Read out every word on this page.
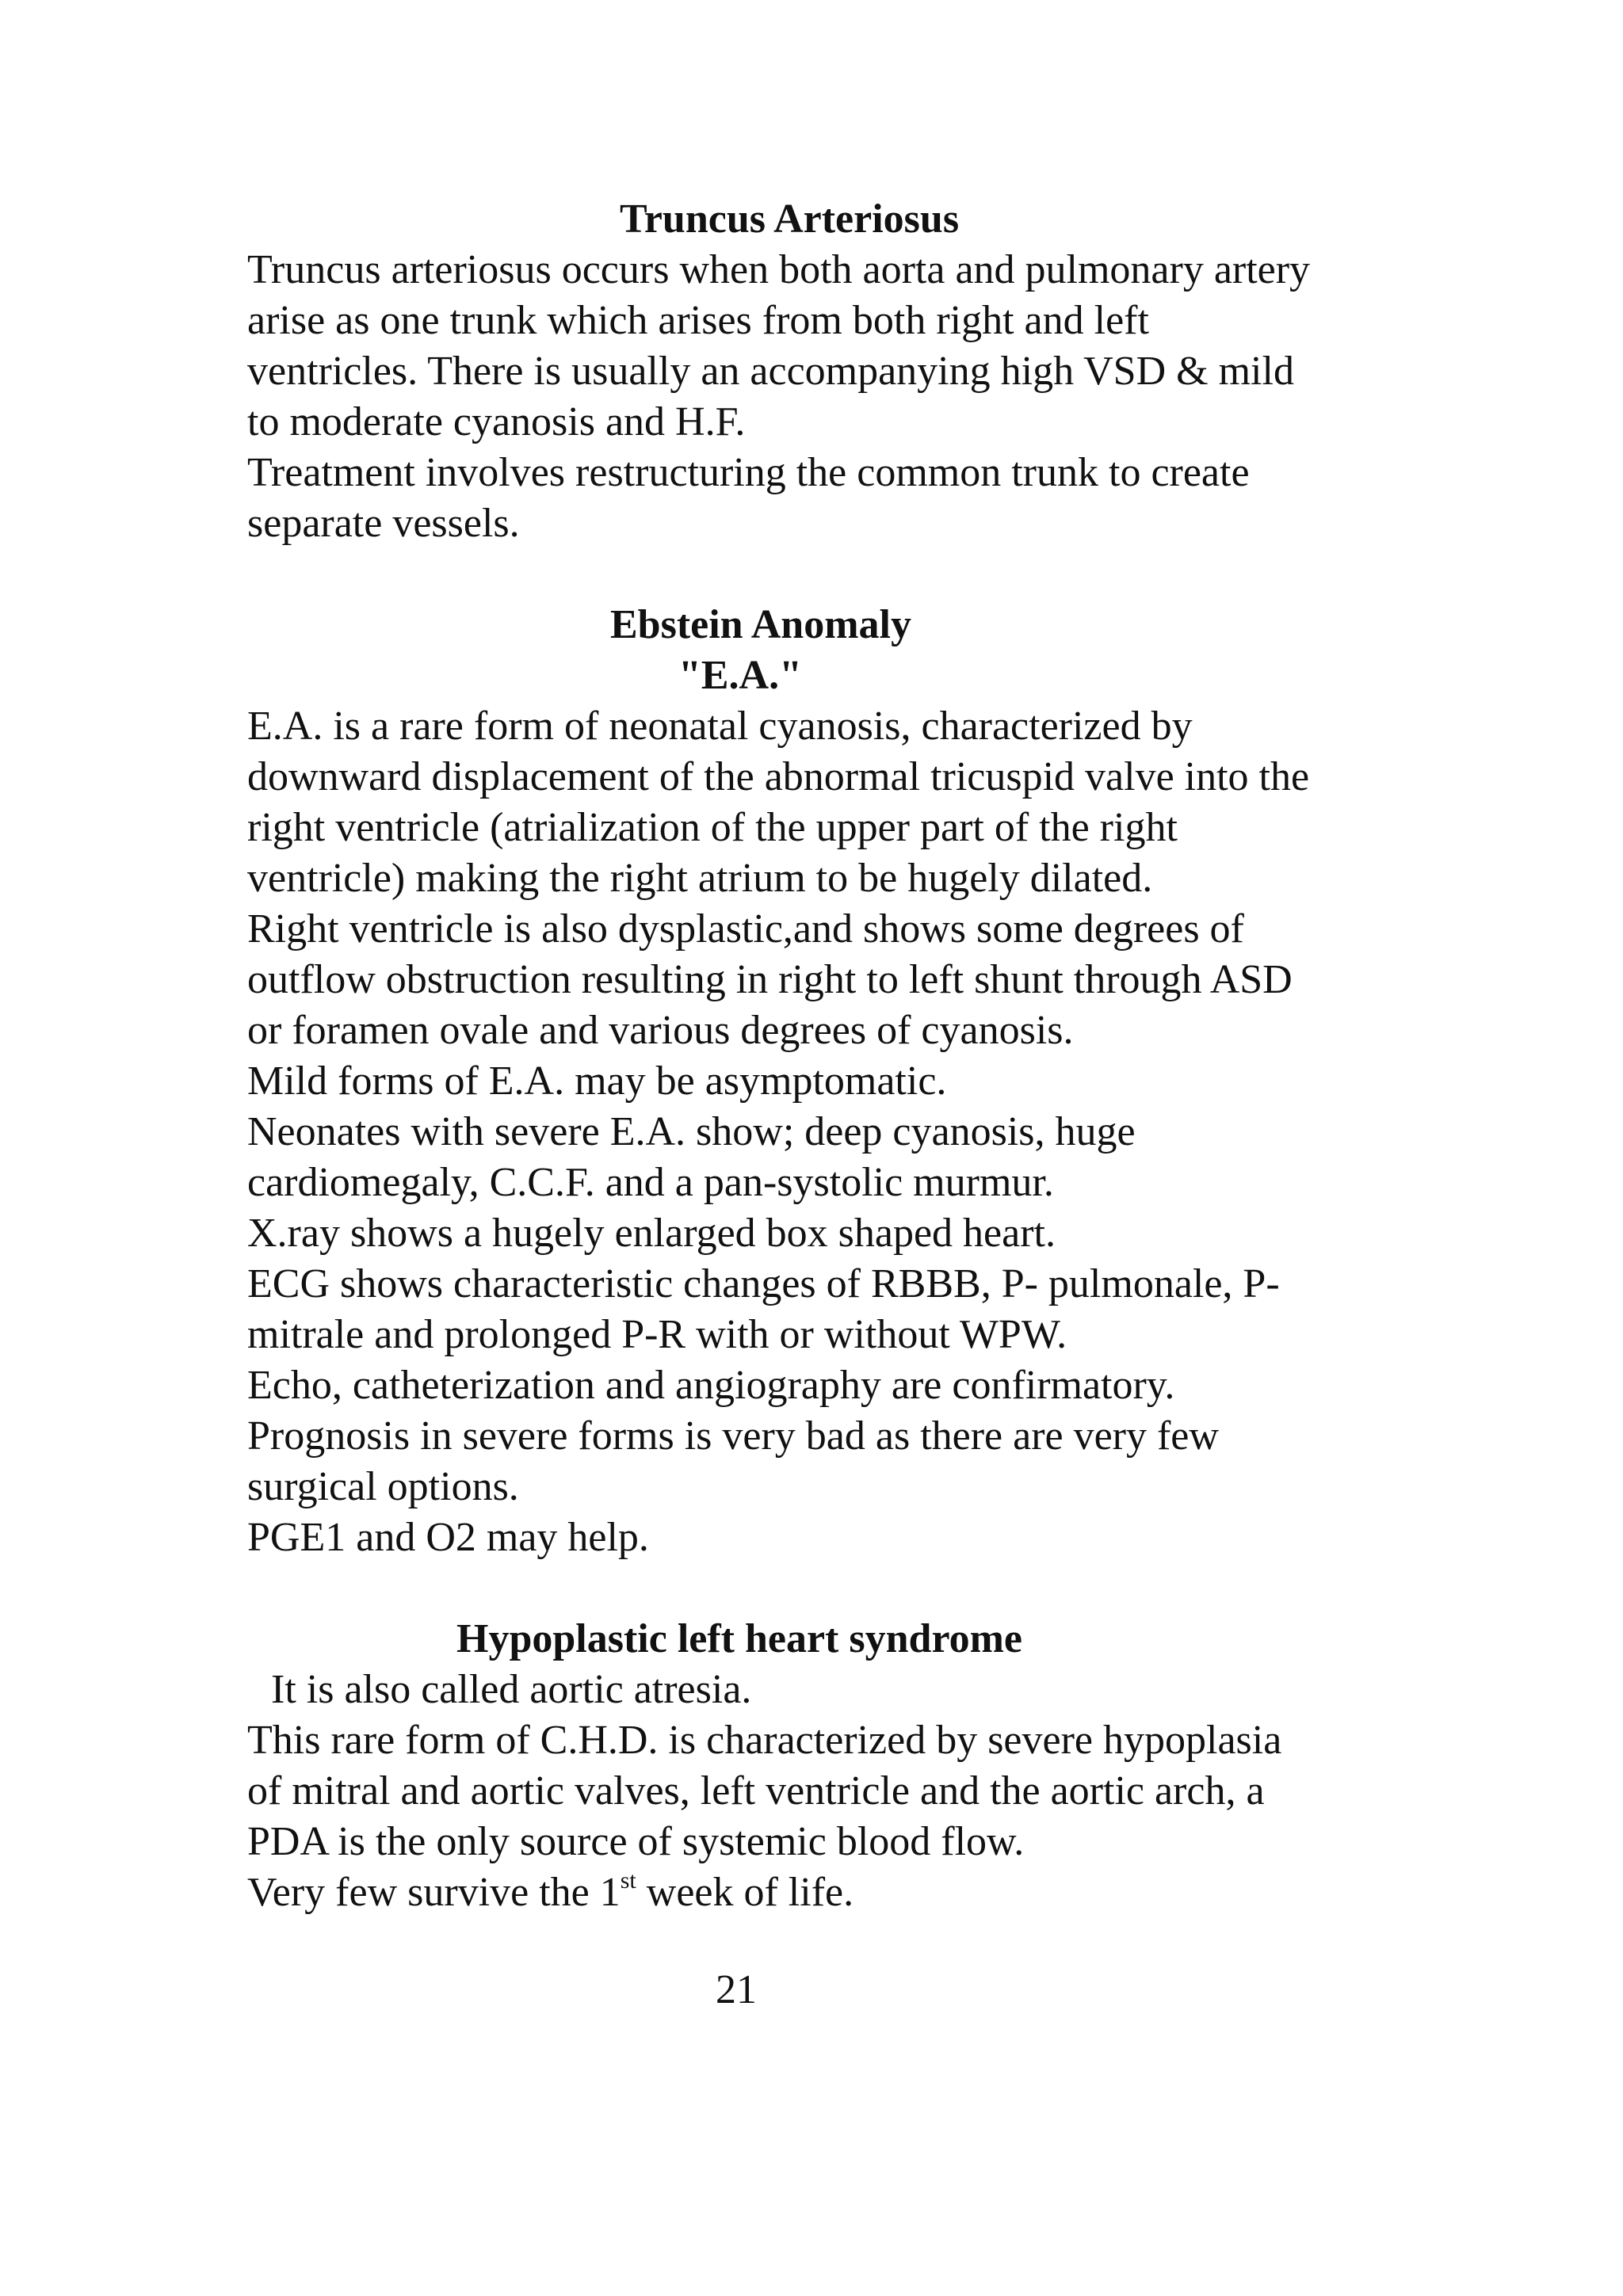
Truncus Arteriosus

Truncus arteriosus occurs when both aorta and pulmonary artery

arise as one trunk which arises from both right and left

ventricles. There is usually an accompanying high VSD & mild

to moderate cyanosis and H.F.

Treatment involves restructuring the common trunk to create

separate vessels.

Ebstein Anomaly

"E.A."

E.A. is a rare form of neonatal cyanosis, characterized by

downward displacement of the abnormal tricuspid valve into the

right ventricle (atrialization of the upper part of the right

ventricle) making the right atrium to be hugely dilated.

Right ventricle is also dysplastic,and shows some degrees of

outflow obstruction resulting in right to left shunt through ASD

or foramen ovale and various degrees of cyanosis.

Mild forms of E.A. may be asymptomatic.

Neonates with severe E.A. show; deep cyanosis, huge

cardiomegaly, C.C.F. and a pan-systolic murmur.

X.ray shows a hugely enlarged box shaped heart.

ECG shows characteristic changes of RBBB, P- pulmonale, P-

mitrale and prolonged P-R with or without WPW.

Echo, catheterization and angiography are confirmatory.

Prognosis in severe forms is very bad as there are very few

surgical options.

PGE1 and O2 may help.

Hypoplastic left heart syndrome

It is also called aortic atresia.

This rare form of C.H.D. is characterized by severe hypoplasia

of mitral and aortic valves, left ventricle and the aortic arch, a

PDA is the only source of systemic blood flow.

Very few survive the 1st week of life.

21
